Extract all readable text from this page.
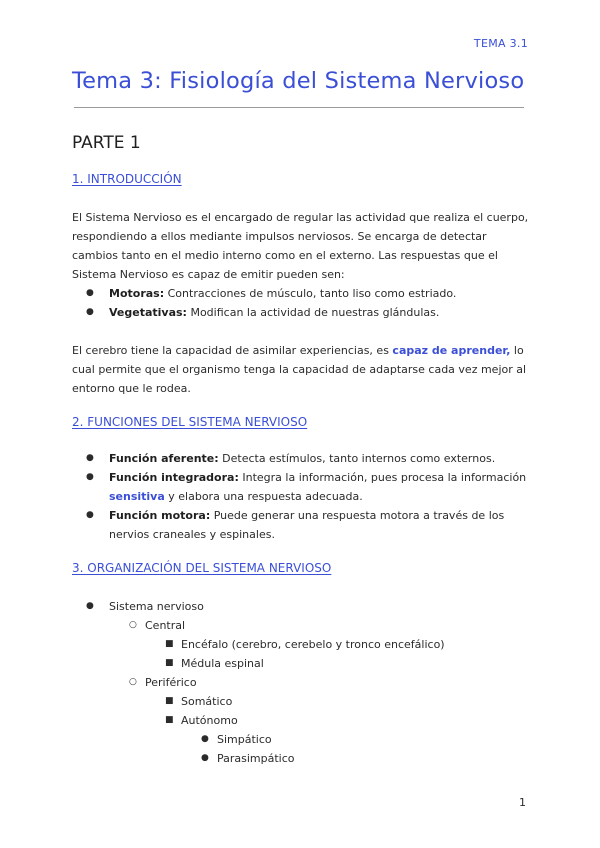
TEMA 3.1
Tema 3: Fisiología del Sistema Nervioso
PARTE 1
1. INTRODUCCIÓN

El Sistema Nervioso es el encargado de regular las actividad que realiza el cuerpo, respondiendo a ellos mediante impulsos nerviosos. Se encarga de detectar cambios tanto en el medio interno como en el externo. Las respuestas que el Sistema Nervioso es capaz de emitir pueden sen:

● Motoras: Contracciones de músculo, tanto liso como estriado.
● Vegetativas: Modifican la actividad de nuestras glándulas.

El cerebro tiene la capacidad de asimilar experiencias, es capaz de aprender, lo cual permite que el organismo tenga la capacidad de adaptarse cada vez mejor al entorno que le rodea.

2. FUNCIONES DEL SISTEMA NERVIOSO
● Función aferente: Detecta estímulos, tanto internos como externos.
● Función integradora: Integra la información, pues procesa la información sensitiva y elabora una respuesta adecuada.
● Función motora: Puede generar una respuesta motora a través de los nervios craneales y espinales.
3. ORGANIZACIÓN DEL SISTEMA NERVIOSO
● Sistema nervioso
○ Central
■ Encéfalo (cerebro, cerebelo y tronco encefálico)
■ Médula espinal
○ Periférico
■ Somático
■ Autónomo
● Simpático
● Parasimpático
1
